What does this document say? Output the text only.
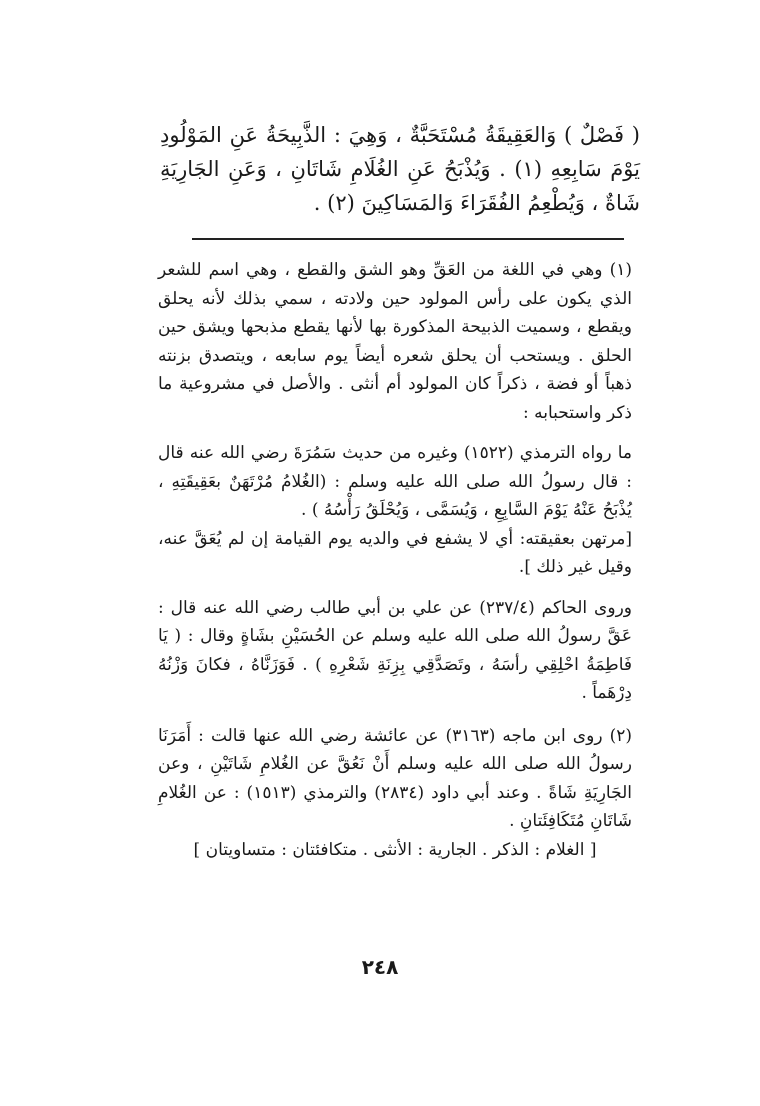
( فَصْلٌ ) وَالعَقِيقَةُ مُسْتَحَبَّةٌ ، وَهِيَ : الذَّبِيحَةُ عَنِ المَوْلُودِ يَوْمَ سَابِعِهِ (١) . وَيُذْبَحُ عَنِ الغُلَامِ شَاتَانِ ، وَعَنِ الجَارِيَةِ شَاةٌ ، وَيُطْعِمُ الفُقَرَاءَ وَالمَسَاكِينَ (٢) .

(١) وهي في اللغة من العَقِّ وهو الشق والقطع ، وهي اسم للشعر الذي يكون على رأس المولود حين ولادته ، سمي بذلك لأنه يحلق ويقطع ، وسميت الذبيحة المذكورة بها لأنها يقطع مذبحها ويشق حين الحلق . ويستحب أن يحلق شعره أيضاً يوم سابعه ، ويتصدق بزنته ذهباً أو فضة ، ذكراً كان المولود أم أنثى . والأصل في مشروعية ما ذكر واستحبابه :

ما رواه الترمذي (١٥٢٢) وغيره من حديث سَمُرَةَ رضي الله عنه قال : قال رسولُ الله صلى الله عليه وسلم : (الغُلامُ مُرْتَهَنٌ بعَقِيقَتِهِ ، يُذْبَحُ عَنْهُ يَوْمَ السَّابِعِ ، وَيُسَمَّى ، وَيُحْلَقُ رَأْسُهُ ) .

[مرتهن بعقيقته: أي لا يشفع في والديه يوم القيامة إن لم يُعَقَّ عنه، وقيل غير ذلك ].

وروى الحاكم (٢٣٧/٤) عن علي بن أبي طالب رضي الله عنه قال : عَقَّ رسولُ الله صلى الله عليه وسلم عن الحُسَيْنِ بشَاةٍ وقال : ( يَا فَاطِمَةُ احْلِقِي رأسَهُ ، وتَصَدَّقِي بِزِنَةِ شَعْرِهِ ) . فَوَزَنَّاهُ ، فكانَ وَزْنُهُ دِرْهَماً .

(٢) روى ابن ماجه (٣١٦٣) عن عائشة رضي الله عنها قالت : أَمَرَنَا رسولُ الله صلى الله عليه وسلم أَنْ نَعُقَّ عن الغُلامِ شَاتَيْنِ ، وعن الجَارِيَةِ شَاةً . وعند أبي داود (٢٨٣٤) والترمذي (١٥١٣) : عن الغُلامِ شَاتَانِ مُتَكَافِئَتانِ .

[ الغلام : الذكر . الجارية : الأنثى . متكافئتان : متساويتان ]

٢٤٨
